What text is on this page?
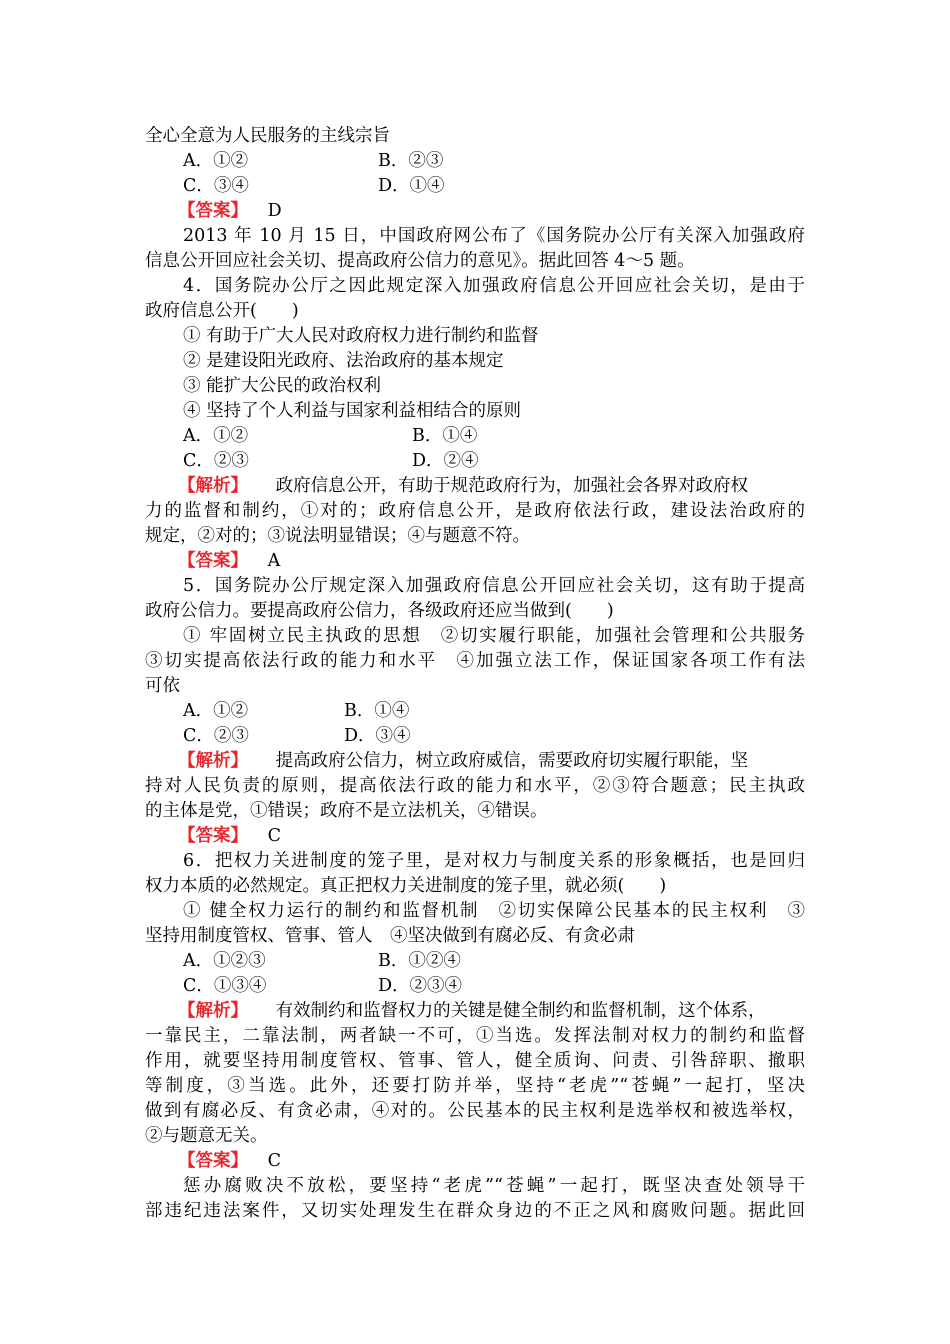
全心全意为人民服务的主线宗旨
A．①②	B．②③
C．③④	D．①④
【答案】 D
2013 年 10 月 15 日，中国政府网公布了《国务院办公厅有关深入加强政府
信息公开回应社会关切、提高政府公信力的意见》。据此回答 4～5 题。
4．国务院办公厅之因此规定深入加强政府信息公开回应社会关切，是由于
政府信息公开(　　)
① 有助于广大人民对政府权力进行制约和监督
② 是建设阳光政府、法治政府的基本规定
③ 能扩大公民的政治权利
④ 坚持了个人利益与国家利益相结合的原则
A．①②	B．①④
C．②③	D．②④
【解析】 政府信息公开，有助于规范政府行为，加强社会各界对政府权
力的监督和制约，①对的；政府信息公开，是政府依法行政，建设法治政府的
规定，②对的；③说法明显错误；④与题意不符。
【答案】 A
5．国务院办公厅规定深入加强政府信息公开回应社会关切，这有助于提高
政府公信力。要提高政府公信力，各级政府还应当做到(　　)
① 牢固树立民主执政的思想　②切实履行职能，加强社会管理和公共服务
③切实提高依法行政的能力和水平　④加强立法工作，保证国家各项工作有法
可依
A．①②	B．①④
C．②③	D．③④
【解析】 提高政府公信力，树立政府威信，需要政府切实履行职能，坚
持对人民负责的原则，提高依法行政的能力和水平，②③符合题意；民主执政
的主体是党，①错误；政府不是立法机关，④错误。
【答案】 C
6．把权力关进制度的笼子里，是对权力与制度关系的形象概括，也是回归
权力本质的必然规定。真正把权力关进制度的笼子里，就必须(　　)
① 健全权力运行的制约和监督机制　②切实保障公民基本的民主权利　③
坚持用制度管权、管事、管人　④坚决做到有腐必反、有贪必肃
A．①②③	B．①②④
C．①③④	D．②③④
【解析】 有效制约和监督权力的关键是健全制约和监督机制，这个体系，
一靠民主，二靠法制，两者缺一不可，①当选。发挥法制对权力的制约和监督
作用，就要坚持用制度管权、管事、管人，健全质询、问责、引咎辞职、撤职
等制度，③当选。此外，还要打防并举，坚持“老虎”“苍蝇”一起打，坚决
做到有腐必反、有贪必肃，④对的。公民基本的民主权利是选举权和被选举权，
②与题意无关。
【答案】 C
惩办腐败决不放松，要坚持“老虎”“苍蝇”一起打，既坚决查处领导干
部违纪违法案件，又切实处理发生在群众身边的不正之风和腐败问题。据此回
